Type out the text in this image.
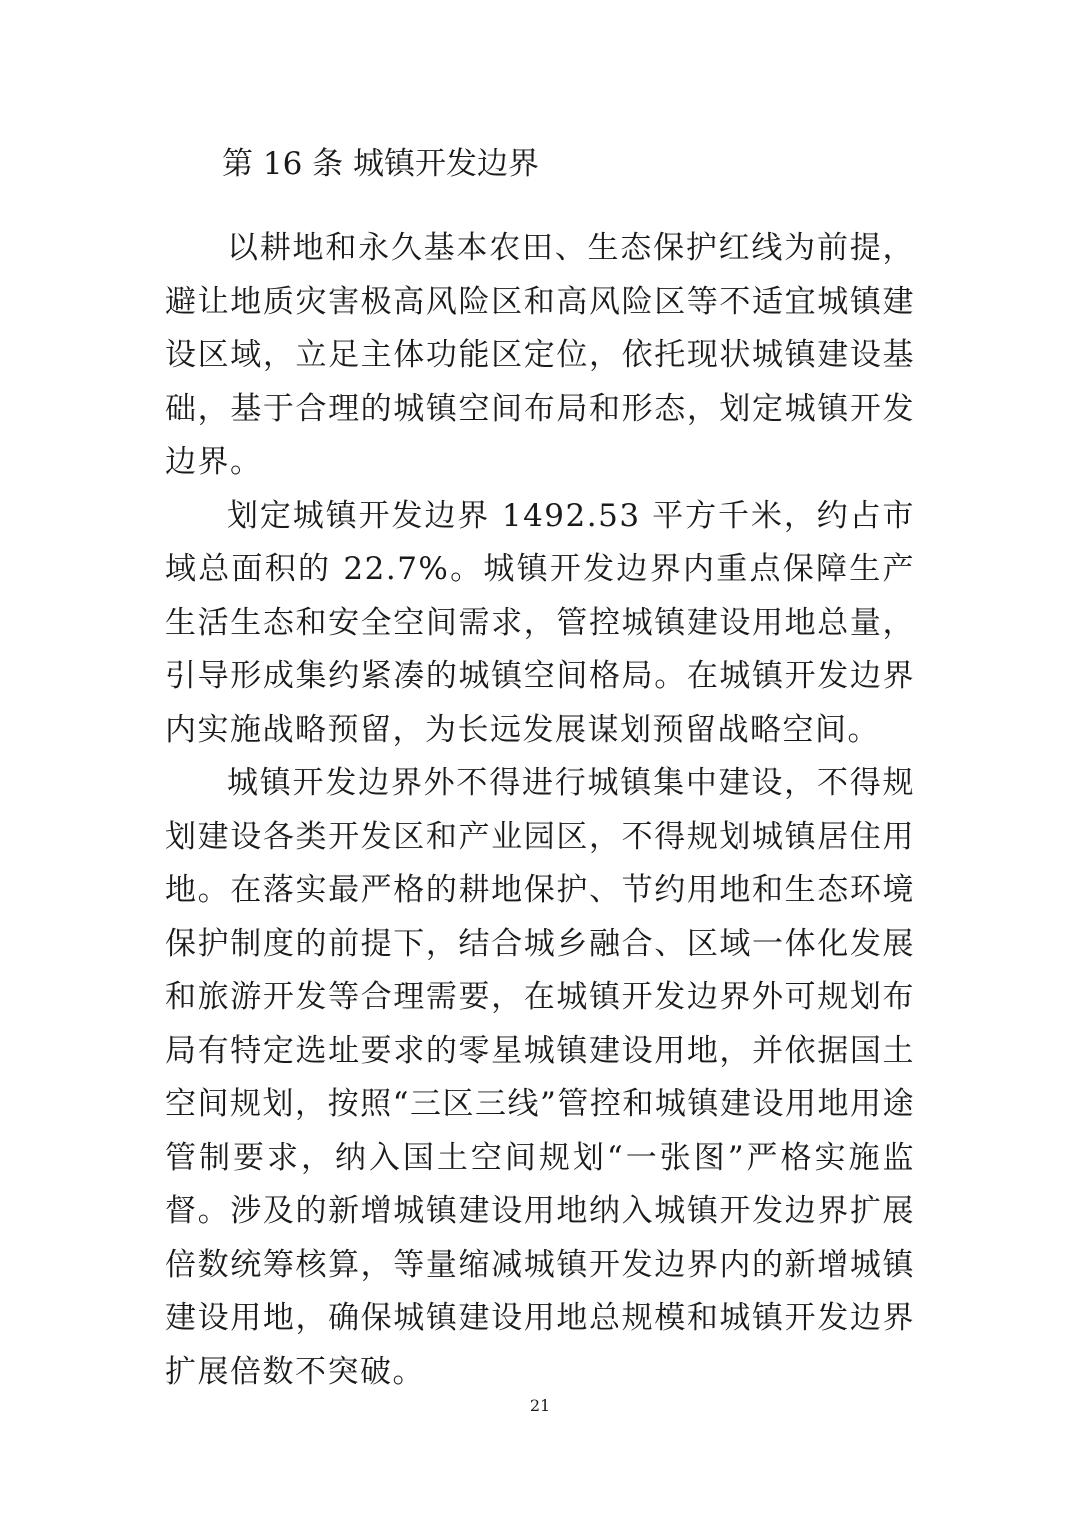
第 16 条 城镇开发边界

以耕地和永久基本农田、生态保护红线为前提，避让地质灾害极高风险区和高风险区等不适宜城镇建设区域，立足主体功能区定位，依托现状城镇建设基础，基于合理的城镇空间布局和形态，划定城镇开发边界。

划定城镇开发边界 1492.53 平方千米，约占市域总面积的 22.7%。城镇开发边界内重点保障生产生活生态和安全空间需求，管控城镇建设用地总量，引导形成集约紧凑的城镇空间格局。在城镇开发边界内实施战略预留，为长远发展谋划预留战略空间。

城镇开发边界外不得进行城镇集中建设，不得规划建设各类开发区和产业园区，不得规划城镇居住用地。在落实最严格的耕地保护、节约用地和生态环境保护制度的前提下，结合城乡融合、区域一体化发展和旅游开发等合理需要，在城镇开发边界外可规划布局有特定选址要求的零星城镇建设用地，并依据国土空间规划，按照“三区三线”管控和城镇建设用地用途管制要求，纳入国土空间规划“一张图”严格实施监督。涉及的新增城镇建设用地纳入城镇开发边界扩展倍数统筹核算，等量缩减城镇开发边界内的新增城镇建设用地，确保城镇建设用地总规模和城镇开发边界扩展倍数不突破。

21
